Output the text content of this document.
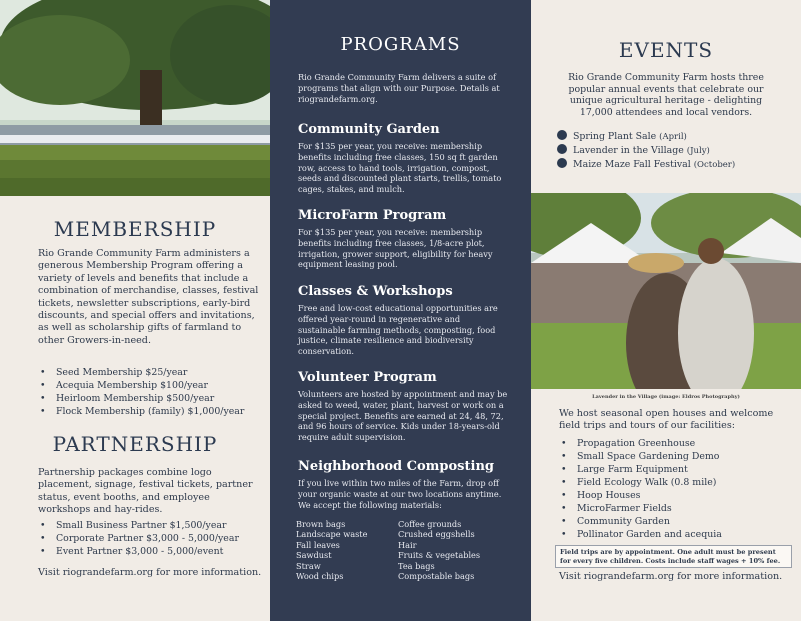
MEMBERSHIP

Rio Grande Community Farm administers a generous Membership Program offering a variety of levels and benefits that include a combination of merchandise, classes, festival tickets, newsletter subscriptions, early-bird discounts, and special offers and invitations, as well as scholarship gifts of farmland to other Growers-in-need.

• Seed Membership $25/year
• Acequia Membership $100/year
• Heirloom Membership $500/year
• Flock Membership (family) $1,000/year
PARTNERSHIP

Partnership packages combine logo placement, signage, festival tickets, partner status, event booths, and employee workshops and hay-rides.

• Small Business Partner $1,500/year
• Corporate Partner $3,000 - 5,000/year
• Event Partner $3,000 - 5,000/event

Visit riograndefarm.org for more information.

PROGRAMS

Rio Grande Community Farm delivers a suite of programs that align with our Purpose. Details at riograndefarm.org.

Community Garden

For $135 per year, you receive: membership benefits including free classes, 150 sq ft garden row, access to hand tools, irrigation, compost, seeds and discounted plant starts, trellis, tomato cages, stakes, and mulch.

MicroFarm Program

For $135 per year, you receive: membership benefits including free classes, 1/8-acre plot, irrigation, grower support, eligibility for heavy equipment leasing pool.

Classes & Workshops

Free and low-cost educational opportunities are offered year-round in regenerative and sustainable farming methods, composting, food justice, climate resilience and biodiversity conservation.

Volunteer Program

Volunteers are hosted by appointment and may be asked to weed, water, plant, harvest or work on a special project. Benefits are earned at 24, 48, 72, and 96 hours of service. Kids under 18-years-old require adult supervision.

Neighborhood Composting

If you live within two miles of the Farm, drop off your organic waste at our two locations anytime. We accept the following materials:

Brown bags
Landscape waste
Fall leaves
Sawdust
Straw
Wood chips
Coffee grounds
Crushed eggshells
Hair
Fruits & vegetables
Tea bags
Compostable bags
EVENTS

Rio Grande Community Farm hosts three popular annual events that celebrate our unique agricultural heritage - delighting 17,000 attendees and local vendors.

• Spring Plant Sale (April)
• Lavender in the Village (July)
• Maize Maze Fall Festival (October)

Lavender in the Village (image: Eldros Photography)

We host seasonal open houses and welcome field trips and tours of our facilities:

• Propagation Greenhouse
• Small Space Gardening Demo
• Large Farm Equipment
• Field Ecology Walk (0.8 mile)
• Hoop Houses
• MicroFarmer Fields
• Community Garden
• Pollinator Garden and acequia
Field trips are by appointment. One adult must be present for every five children. Costs include staff wages + 10% fee.

Visit riograndefarm.org for more information.
